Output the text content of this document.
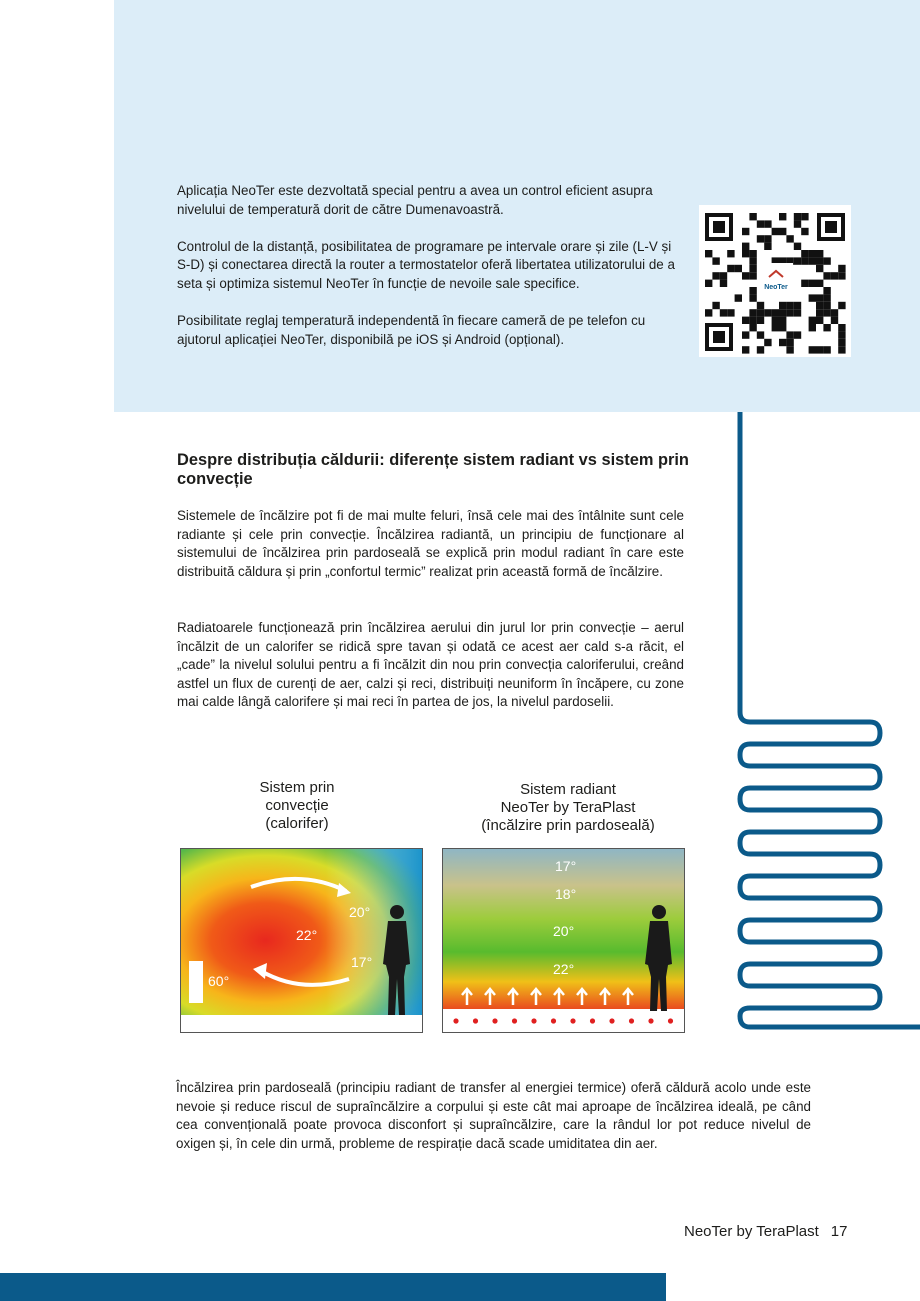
Aplicația NeoTer este dezvoltată special pentru a avea un control eficient asupra nivelului de temperatură dorit de către Dumenavoastră.

Controlul de la distanță, posibilitatea de programare pe intervale orare și zile (L-V și S-D) și conectarea directă la router a termostatelor oferă libertatea utilizatorului de a seta și optimiza sistemul NeoTer în funcție de nevoile sale specifice.

Posibilitate reglaj temperatură independentă în fiecare cameră de pe telefon cu ajutorul aplicației NeoTer, disponibilă pe iOS și Android (opțional).

NeoTer
Despre distribuția căldurii: diferențe sistem radiant vs sistem prin convecție
Sistemele de încălzire pot fi de mai multe feluri, însă cele mai des întâlnite sunt cele radiante și cele prin convecție. Încălzirea radiantă, un principiu de funcționare al sistemului de încălzirea prin pardoseală se explică prin modul radiant în care este distribuită căldura și prin „confortul termic” realizat prin această formă de încălzire.
Radiatoarele funcționează prin încălzirea aerului din jurul lor prin convecție – aerul încălzit de un calorifer se ridică spre tavan și odată ce acest aer cald s-a răcit, el „cade” la nivelul solului pentru a fi încălzit din nou prin convecția caloriferului, creând astfel un flux de curenți de aer, calzi și reci, distribuiți neuniform în încăpere, cu zone mai calde lângă calorifere și mai reci în partea de jos, la nivelul pardoselii.
Sistem prin
convecție
(calorifer)
Sistem radiant
NeoTer by TeraPlast
(încălzire prin pardoseală)
20°
22°
17°
60°
17°
18°
20°
22°
Încălzirea prin pardoseală (principiu radiant de transfer al energiei termice) oferă căldură acolo unde este nevoie și reduce riscul de supraîncălzire a corpului și este cât mai aproape de încălzirea ideală, pe când cea convențională poate provoca disconfort și supraîncălzire, care la rândul lor pot reduce nivelul de oxigen și, în cele din urmă, probleme de respirație dacă scade umiditatea din aer.
NeoTer by TeraPlast 17
